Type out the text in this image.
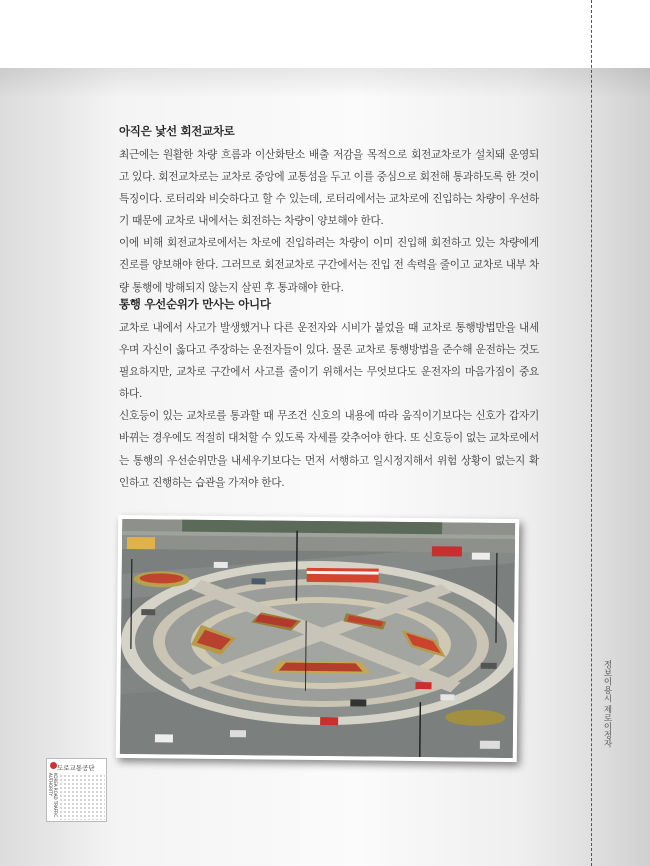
아직은 낯선 회전교차로

최근에는 원활한 차량 흐름과 이산화탄소 배출 저감을 목적으로 회전교차로가 설치돼 운영되고 있다. 회전교차로는 교차로 중앙에 교통섬을 두고 이를 중심으로 회전해 통과하도록 한 것이 특징이다. 로터리와 비슷하다고 할 수 있는데, 로터리에서는 교차로에 진입하는 차량이 우선하기 때문에 교차로 내에서는 회전하는 차량이 양보해야 한다.

이에 비해 회전교차로에서는 차로에 진입하려는 차량이 이미 진입해 회전하고 있는 차량에게 진로를 양보해야 한다. 그러므로 회전교차로 구간에서는 진입 전 속력을 줄이고 교차로 내부 차량 통행에 방해되지 않는지 살핀 후 통과해야 한다.

통행 우선순위가 만사는 아니다

교차로 내에서 사고가 발생했거나 다른 운전자와 시비가 붙었을 때 교차로 통행방법만을 내세우며 자신이 옳다고 주장하는 운전자들이 있다. 물론 교차로 통행방법을 준수해 운전하는 것도 필요하지만, 교차로 구간에서 사고를 줄이기 위해서는 무엇보다도 운전자의 마음가짐이 중요하다.

신호등이 있는 교차로를 통과할 때 무조건 신호의 내용에 따라 움직이기보다는 신호가 갑자기 바뀌는 경우에도 적절히 대처할 수 있도록 자세를 갖추어야 한다. 또 신호등이 없는 교차로에서는 통행의 우선순위만을 내세우기보다는 먼저 서행하고 일시정지해서 위험 상황이 없는지 확인하고 진행하는 습관을 가져야 한다.

도로교통공단
KOREA ROAD TRAFFIC AUTHORITY
정보이용시 제로이정자
